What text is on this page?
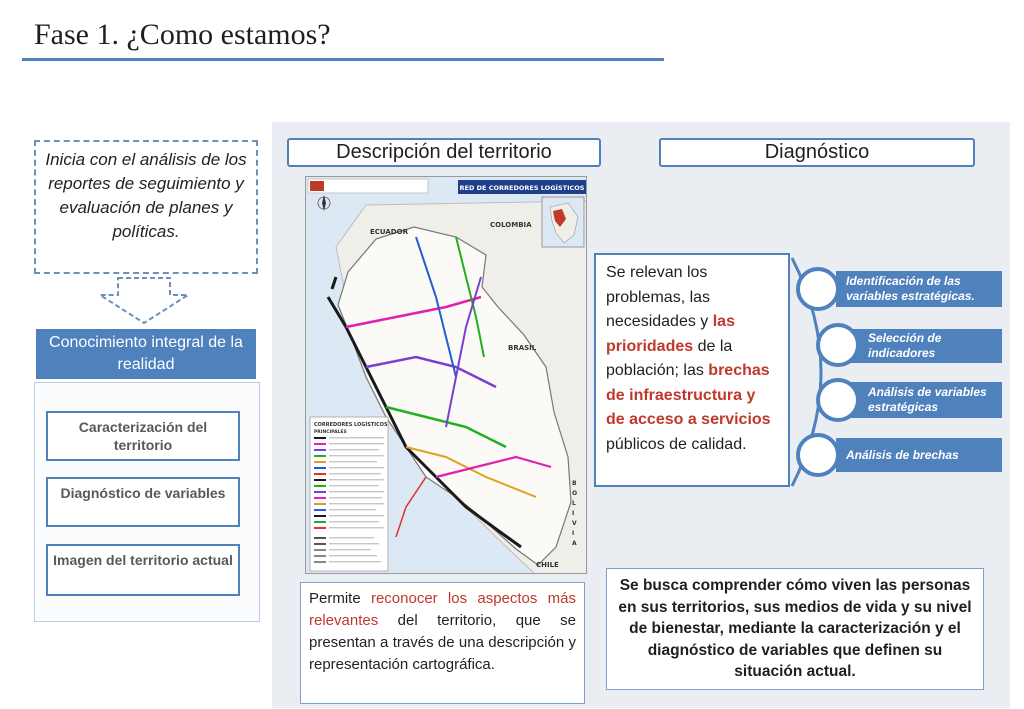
Fase 1. ¿Como estamos?
Inicia con el análisis de los reportes de seguimiento y evaluación de planes y políticas.
Conocimiento integral de la realidad
Caracterización del territorio
Diagnóstico de variables
Imagen del territorio actual
Descripción del territorio	Diagnóstico
RED DE CORREDORES LOGÍSTICOS
ECUADOR
COLOMBIA
BRASIL
CHILE
B
O
L
I
V
I
A
CORREDORES LOGÍSTICOS
PRINCIPALES
Permite reconocer los aspectos más relevantes del territorio, que se presentan a través de una descripción y representación cartográfica.
Se relevan los problemas, las necesidades y las prioridades de la población; las brechas de infraestructura y de acceso a servicios públicos de calidad.
Identificación de las variables estratégicas.
Selección de indicadores
Análisis de variables estratégicas
Análisis de brechas
Se busca comprender cómo viven las personas en sus territorios, sus medios de vida y su nivel de bienestar, mediante la caracterización y el diagnóstico de variables que definen su situación actual.
